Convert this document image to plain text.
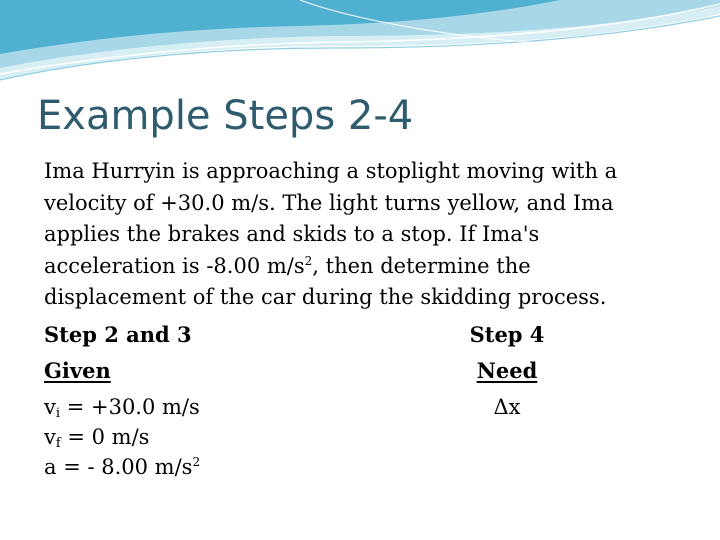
Example Steps 2-4

Ima Hurryin is approaching a stoplight moving with a
velocity of +30.0 m/s. The light turns yellow, and Ima
applies the brakes and skids to a stop. If Ima's
acceleration is -8.00 $m/s^2$, then determine the
displacement of the car during the skidding process.

Step 2 and 3	Step 4
Given	Need
$v_i = +30.0$ m/s	Δx
$v_f = 0$ m/s
a = - 8.00 $m/s^2$
